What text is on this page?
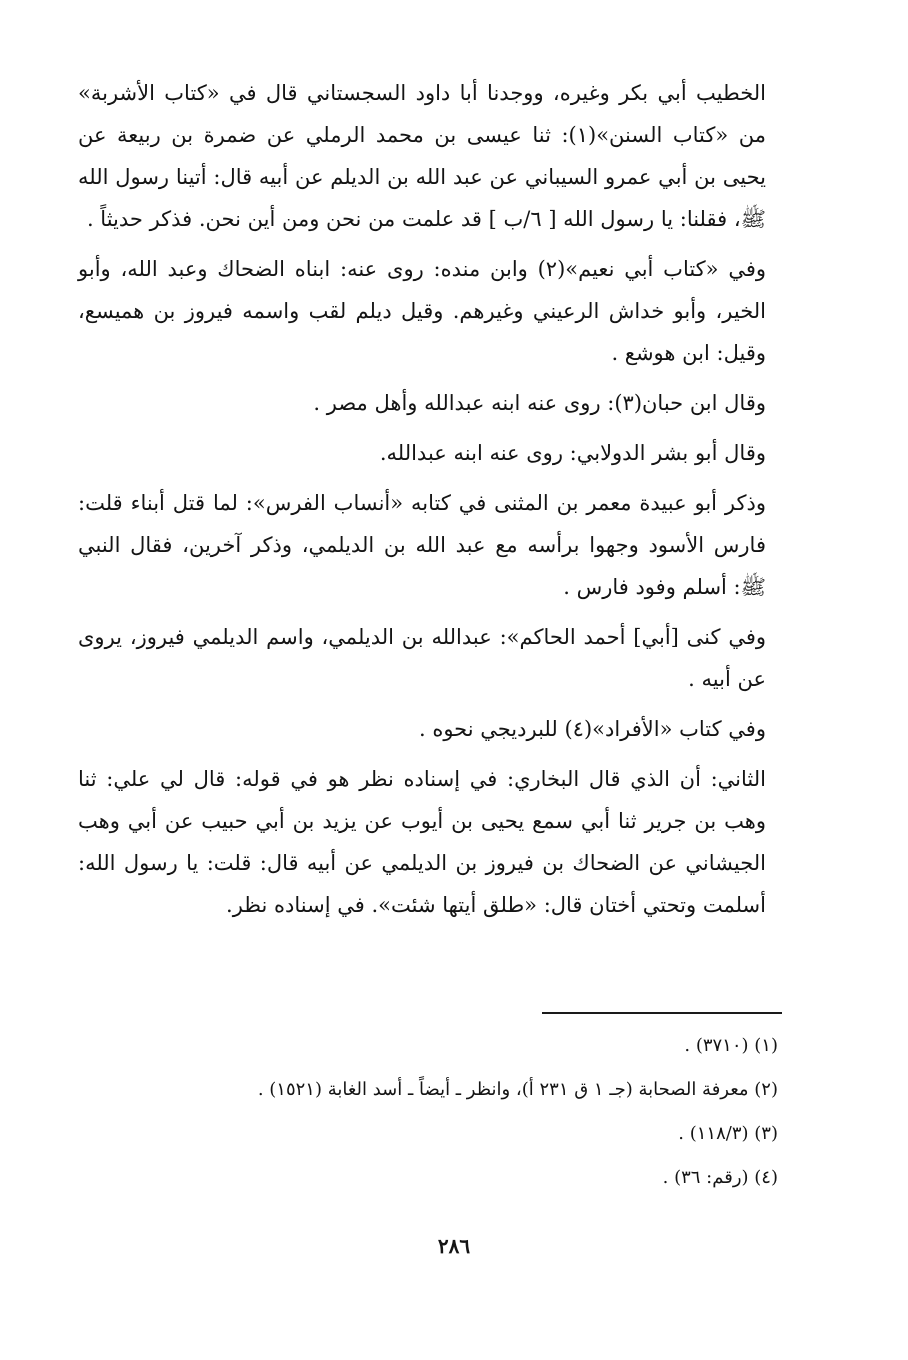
الخطيب أبي بكر وغيره، ووجدنا أبا داود السجستاني قال في «كتاب الأشربة» من «كتاب السنن»(١): ثنا عيسى بن محمد الرملي عن ضمرة بن ربيعة عن يحيى بن أبي عمرو السيباني عن عبد الله بن الديلم عن أبيه قال: أتينا رسول الله ﷺ، فقلنا: يا رسول الله [ ٦/ب ] قد علمت من نحن ومن أين نحن. فذكر حديثاً .

وفي «كتاب أبي نعيم»(٢) وابن منده: روى عنه: ابناه الضحاك وعبد الله، وأبو الخير، وأبو خداش الرعيني وغيرهم. وقيل ديلم لقب واسمه فيروز بن هميسع، وقيل: ابن هوشع .

وقال ابن حبان(٣): روى عنه ابنه عبدالله وأهل مصر .

وقال أبو بشر الدولابي: روى عنه ابنه عبدالله.

وذكر أبو عبيدة معمر بن المثنى في كتابه «أنساب الفرس»: لما قتل أبناء قلت: فارس الأسود وجهوا برأسه مع عبد الله بن الديلمي، وذكر آخرين، فقال النبي ﷺ: أسلم وفود فارس .

وفي كنى [أبي] أحمد الحاكم»: عبدالله بن الديلمي، واسم الديلمي فيروز، يروى عن أبيه .

وفي كتاب «الأفراد»(٤) للبرديجي نحوه .

الثاني: أن الذي قال البخاري: في إسناده نظر هو في قوله: قال لي علي: ثنا وهب بن جرير ثنا أبي سمع يحيى بن أيوب عن يزيد بن أبي حبيب عن أبي وهب الجيشاني عن الضحاك بن فيروز بن الديلمي عن أبيه قال: قلت: يا رسول الله: أسلمت وتحتي أختان قال: «طلق أيتها شئت». في إسناده نظر.

(١) (٣٧١٠) .

(٢) معرفة الصحابة (جـ ١ ق ٢٣١ أ)، وانظر ـ أيضاً ـ أسد الغابة (١٥٢١) .

(٣) (١١٨/٣) .

(٤) (رقم: ٣٦) .

٢٨٦
